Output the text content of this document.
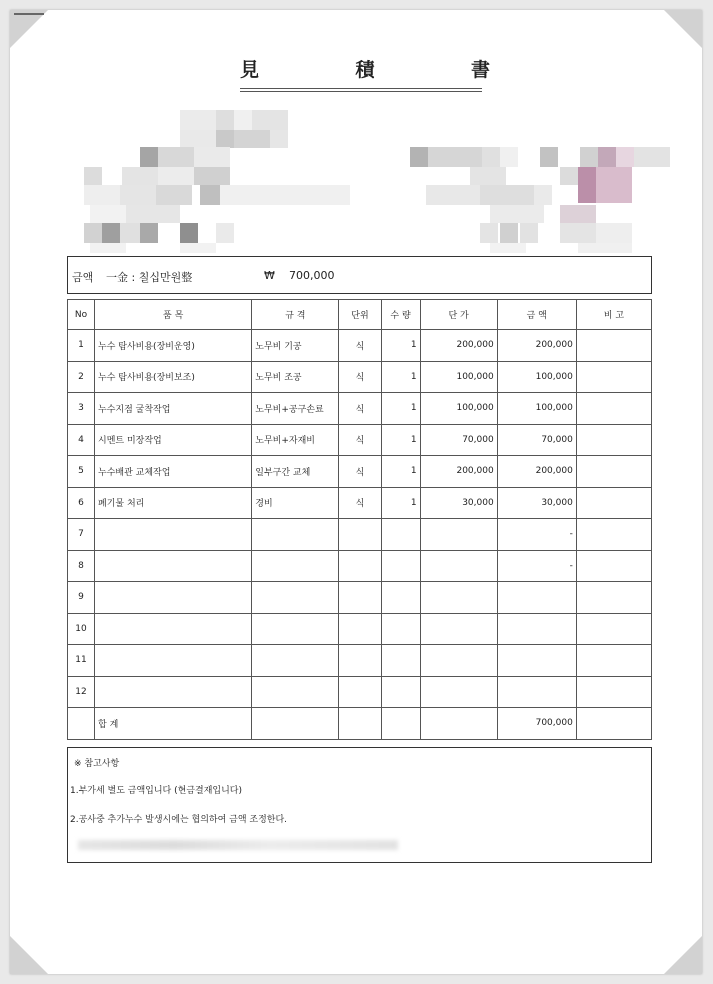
見	積	書
금액 一金 : 칠십만원整	₩ 700,000
No	품 목	규 격	단위	수 량	단 가	금 액	비 고
1	누수 탐사비용(장비운영)	노무비 기공	식	1	200,000	200,000	
2	누수 탐사비용(장비보조)	노무비 조공	식	1	100,000	100,000	
3	누수지점 굴착작업	노무비+공구손료	식	1	100,000	100,000	
4	시멘트 미장작업	노무비+자재비	식	1	70,000	70,000	
5	누수배관 교체작업	일부구간 교체	식	1	200,000	200,000	
6	폐기물 처리	경비	식	1	30,000	30,000	
7						-	
8						-	
9							
10							
11							
12							
	합 계					700,000	
※ 참고사항
1.부가세 별도 금액입니다 (현금결재입니다)
2.공사중 추가누수 발생시에는 협의하여 금액 조정한다.
